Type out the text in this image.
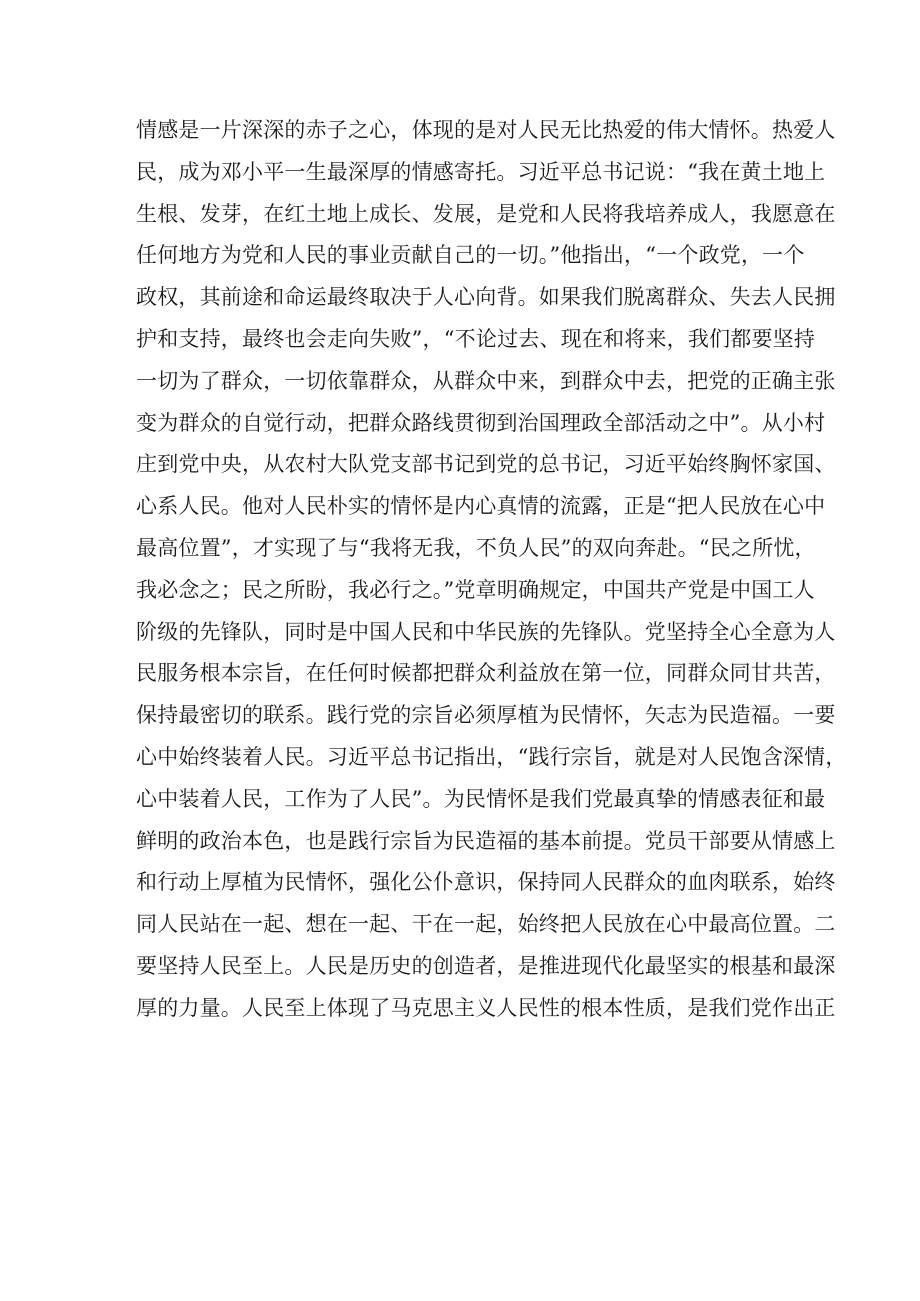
情感是一片深深的赤子之心，体现的是对人民无比热爱的伟大情怀。热爱人
民，成为邓小平一生最深厚的情感寄托。习近平总书记说：“我在黄土地上
生根、发芽，在红土地上成长、发展，是党和人民将我培养成人，我愿意在
任何地方为党和人民的事业贡献自己的一切。”他指出，“一个政党，一个
政权，其前途和命运最终取决于人心向背。如果我们脱离群众、失去人民拥
护和支持，最终也会走向失败”，“不论过去、现在和将来，我们都要坚持
一切为了群众，一切依靠群众，从群众中来，到群众中去，把党的正确主张
变为群众的自觉行动，把群众路线贯彻到治国理政全部活动之中”。从小村
庄到党中央，从农村大队党支部书记到党的总书记，习近平始终胸怀家国、
心系人民。他对人民朴实的情怀是内心真情的流露，正是“把人民放在心中
最高位置”，才实现了与“我将无我，不负人民”的双向奔赴。“民之所忧，
我必念之；民之所盼，我必行之。”党章明确规定，中国共产党是中国工人
阶级的先锋队，同时是中国人民和中华民族的先锋队。党坚持全心全意为人
民服务根本宗旨，在任何时候都把群众利益放在第一位，同群众同甘共苦，
保持最密切的联系。践行党的宗旨必须厚植为民情怀，矢志为民造福。一要
心中始终装着人民。习近平总书记指出，“践行宗旨，就是对人民饱含深情，
心中装着人民，工作为了人民”。为民情怀是我们党最真挚的情感表征和最
鲜明的政治本色，也是践行宗旨为民造福的基本前提。党员干部要从情感上
和行动上厚植为民情怀，强化公仆意识，保持同人民群众的血肉联系，始终
同人民站在一起、想在一起、干在一起，始终把人民放在心中最高位置。二
要坚持人民至上。人民是历史的创造者，是推进现代化最坚实的根基和最深
厚的力量。人民至上体现了马克思主义人民性的根本性质，是我们党作出正
